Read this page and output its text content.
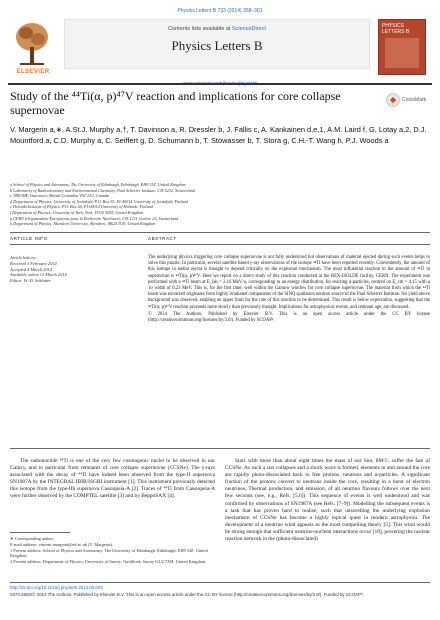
Physics Letters B 733 (2014) 358–361
ELSEVIER
Contents lists available at ScienceDirect
Physics Letters B
PHYSICS LETTERS B
Study of the ⁴⁴Ti(α, p)⁴⁷V reaction and implications for core collapse supernovae
CrossMark
V. Margerin a,∗, A.St.J. Murphy a,†, T. Davinson a, R. Dressler b, J. Fallis c, A. Kankainen d,e,1, A.M. Laird f, G. Lotay a,2, D.J. Mountford a, C.D. Murphy a, C. Seiffert g, D. Schumann b, T. Stowasser b, T. Stora g, C.H.-T. Wang h, P.J. Woods a
a School of Physics and Astronomy, The University of Edinburgh, Edinburgh, EH9 3JZ, United Kingdom
b Laboratory of Radiochemistry and Environmental Chemistry, Paul Scherrer Institute, CH-5232, Switzerland
c TRIUMF, Vancouver, British Columbia V6T 2A3, Canada
d Department of Physics, University of Jyväskylä, P.O. Box 35, FI-40014 University of Jyväskylä, Finland
e Helsinki Institute of Physics, P.O. Box 64, FI-00014 University of Helsinki, Finland
f Department of Physics, University of York, York, YO10 5DD, United Kingdom
g CERN (Organisation Européenne pour la Recherche Nucléaire), CH-1211 Genève 23, Switzerland
h Department of Physics, Aberdeen University, Aberdeen, AB24 3UE, United Kingdom
ARTICLE INFO	ABSTRACT
Article history:
Received 3 February 2014
Accepted 4 March 2014
Available online 12 March 2014
Editor: W.-D. Schlatter
The underlying physics triggering core collapse supernovae is not fully understood but observations of material ejected during such events helps to solve this puzzle. In particular, several satellite based γ-ray observations of the isotope ⁴⁴Ti have been reported recently. Conveniently, the amount of this isotope in stellar ejecta is thought to depend critically on the explosion mechanism. The most influential reaction to the amount of ⁴⁴Ti in supernovae is ⁴⁴Ti(α, p)⁴⁷V. Here we report on a direct study of this reaction conducted at the REX-ISOLDE facility, CERN. The experiment was performed with a ⁴⁴Ti beam at E_lab = 2.16 MeV/u, corresponding to an energy distribution, for reacting α-particles, centred on E_cm = 4.15 with a 1σ width of 0.23 MeV. This is, for the first time, well within the Gamow window for core collapse supernovae. The material from which the ⁴⁴Ti beam was extracted originates from highly irradiated components of the SINQ spallation neutron source of the Paul Scherrer Institute. No yield above background was observed, enabling an upper limit for the rate of this reaction to be determined. This result is below expectation, suggesting that the ⁴⁴Ti(α, p)⁴⁷V reaction proceeds more slowly than previously thought. Implications for astrophysical events, and remnant age, are discussed.
© 2014 The Authors. Published by Elsevier B.V. This is an open access article under the CC BY license (http://creativecommons.org/licenses/by/3.0/). Funded by SCOAP³.
The radionuclide ⁴⁴Ti is one of the very few cosmogenic nuclei to be observed in our Galaxy, and in particular from remnants of core collapse supernovae (CCSNe). The γ-rays associated with the decay of ⁴⁴Ti have indeed been observed from the type-II supernova SN1987A by the INTEGRAL IBIR/ISGRI instrument [1]. This instrument previously detected this isotope from the type-IIb supernova Cassiopeia-A [2]. Traces of ⁴⁴Ti from Cassiopeia-A were further observed by the COMPTEL satellite [3] and by BeppoSAX [4].
Stars with more than about eight times the mass of our Sun, 8M☉, suffer the fate of CCSNe. As such a star collapses and a shock wave is formed, elements in and around the core are rapidly photo-dissociated back to free protons, neutrons and α-particles. A significant fraction of the protons convert to neutrons inside the core, resulting in a burst of electron neutrinos. Thermal production, and emission, of all neutrino flavours follows over the next few seconds (see, e.g., Refs. [5,6]). This sequence of events is well understood and was confirmed by observations of SN1987A (see Refs. [7–9]). Modelling the subsequent events is a task that has proven hard to realise, such that unravelling the underlying explosion mechanism of CCSNe has become a highly topical quest in modern astrophysics. The development of a neutrino wind appears as the most compelling theory [5]. This wind would be strong enough that sufficient neutrino-nucleon interactions occur [10], powering the nuclear reaction network in the (photo-dissociated)
∗ Corresponding author.
E-mail address: vincent.margerin@ed.ac.uk (V. Margerin).
1 Present address: School of Physics and Astronomy, The University of Edinburgh, Edinburgh, EH9 3JZ, United Kingdom.
2 Present address: Department of Physics, University of Surrey, Guildford, Surrey GU2 7XH, United Kingdom.
http://dx.doi.org/10.1016/j.physletb.2014.03.003
0370-2693/© 2014 The Authors. Published by Elsevier B.V. This is an open access article under the CC BY license (http://creativecommons.org/licenses/by/3.0/). Funded by SCOAP³.
